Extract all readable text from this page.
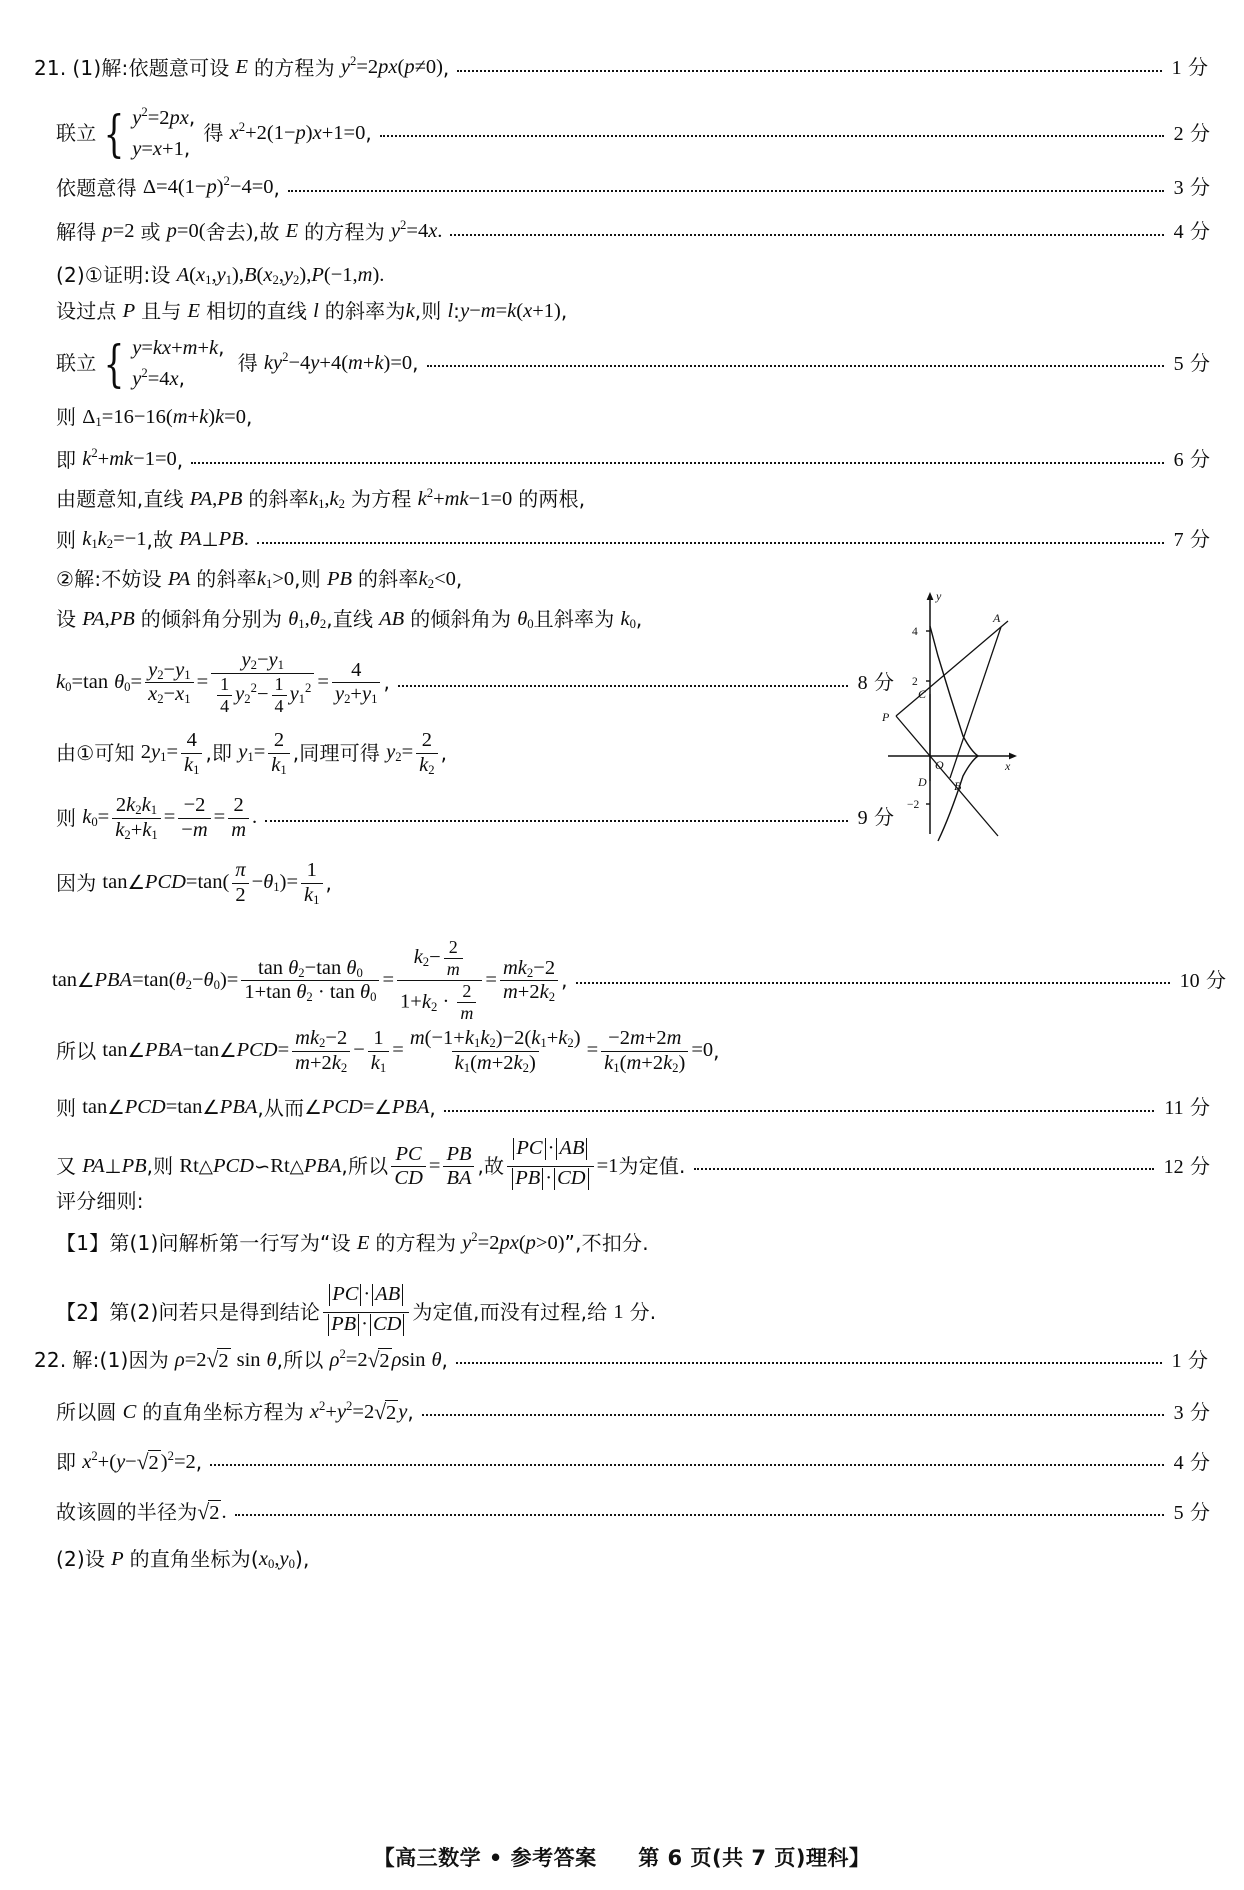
21. (1)解:依题意可设 E 的方程为 $y^2 = 2$ px ( p ≠ 0) ,	1 分
联立 { $y^2=2px$,
y=x+1,
得 $x^2 + 2(1 - p$ ) x + 1 = 0 ,	2 分
依题意得 Δ = 4(1 − p )$^2$ − 4 = 0 ,	3 分
解得 p = 2 或 p = 0( 舍去 ) ,故 E 的方程为 $y^2 = 4$ x .	4 分
(2)①证明:设 A ( $x_1$ , $y_1$ ), B ( $x_2$ , $y_2$ ), P (−1, m ).
设过点 P 且与 E 相切的直线 l 的斜率为 k ,则 l : y − m = k ( x + 1) ,
联立 { y=kx+m+k,
$y^2=4x$,
得 $ky^2 - 4$ y + 4( m + k ) = 0 ,	5 分
则 $\Delta_1 = 16 - 16$( m + k ) k = 0 ,
即 $k^2$ + mk − 1 = 0 ,	6 分
由题意知,直线 PA , PB 的斜率 $k_1$ , $k_2$ 为方程 $k^2$ + mk − 1 = 0 的两根,
则 $k_1k_2 =- 1$ ,故 PA ⊥ PB .	7 分
②解:不妨设 PA 的斜率 $k_1 > 0$ ,则 PB 的斜率 $k_2 < 0$ ,
设 PA , PB 的倾斜角分别为 $\theta_1$ , $\theta_2$ ,直线 AB 的倾斜角为 $\theta_0$ 且斜率为 $k_0$ ,
$k_0 = \tan \theta_0 = \frac{y_2-y_1}{x_2-x_1} = \frac{y_2-y_1}{\frac{1}{4} y_2^2- \frac{1}{4} y_1^2} = \frac{4}{y_2+y_1}$ ,	8 分
由①可知 2 $y_1 = \frac{4}{k_1}$ ,即 $y_1 = \frac{2}{k_1}$ ,同理可得 $y_2 = \frac{2}{k_2}$ ,
则 $k_0 = \frac{2k_2k_1}{k_2+k_1} = \frac{-2}{-m} = \frac{2}{m}$ .	9 分
因为 tan ∠ PCD = $\tan( \frac{\pi}{2} - \theta_1$ ) = $\frac{1}{k_1}$ ,
tan ∠ PBA = tan( $\theta_2 - \theta_0$ ) = $\frac{\tan \theta_2-\tan \theta_0}{1+\tan \theta_2 \cdot \tan \theta_0} = \frac{k_2- \frac{2}{m}}{1+k_2 \cdot \frac{2}{m}} = \frac{mk_2-2}{m+2k_2}$ ,	10 分
所以 tan ∠ PBA − tan ∠ PCD = $\frac{mk_2-2}{m+2k_2} - \frac{1}{k_1} = \frac{m(-1+k_1k_2)-2(k_1+k_2)}{k_1(m+2k_2)} = \frac{-2m+2m}{k_1(m+2k_2)} = 0$ ,
则 tan ∠ PCD = tan ∠ PBA ,从而 ∠ PCD = ∠ PBA ,	11 分
又 PA ⊥ PB ,则 Rt △ PCD ∽ Rt △ PBA ,所以 $\frac{PC}{CD} = \frac{PB}{BA}$ ,故 $\frac{PC \cdot AB}{PB \cdot CD} = 1$ 为定值.	12 分
评分细则:
【1】第(1)问解析第一行写为“设 E 的方程为 $y^2 = 2$ px ( p > 0) ”,不扣分.
【2】第(2)问若只是得到结论 $\frac{PC \cdot AB}{PB \cdot CD}$ 为定值,而没有过程,给 1 分.
22. 解:(1)因为 ρ = 2 √ 2 sin θ ,所以 $\rho^2 = 2$ √ 2 ρ sin θ ,	1 分
所以圆 C 的直角坐标方程为 $x^2 + y^2 = 2$ √ 2 y ,	3 分
即 $x^2$ + ( y − √ 2 )$^2$ = 2 ,	4 分
故该圆的半径为 √ 2 .	5 分
(2)设 P 的直角坐标为( $x_0$ , $y_0$ ),
y
x
O
4
2
−2
A
B
C
D
P
【高三数学 • 参考答案 第 6 页(共 7 页)理科】
